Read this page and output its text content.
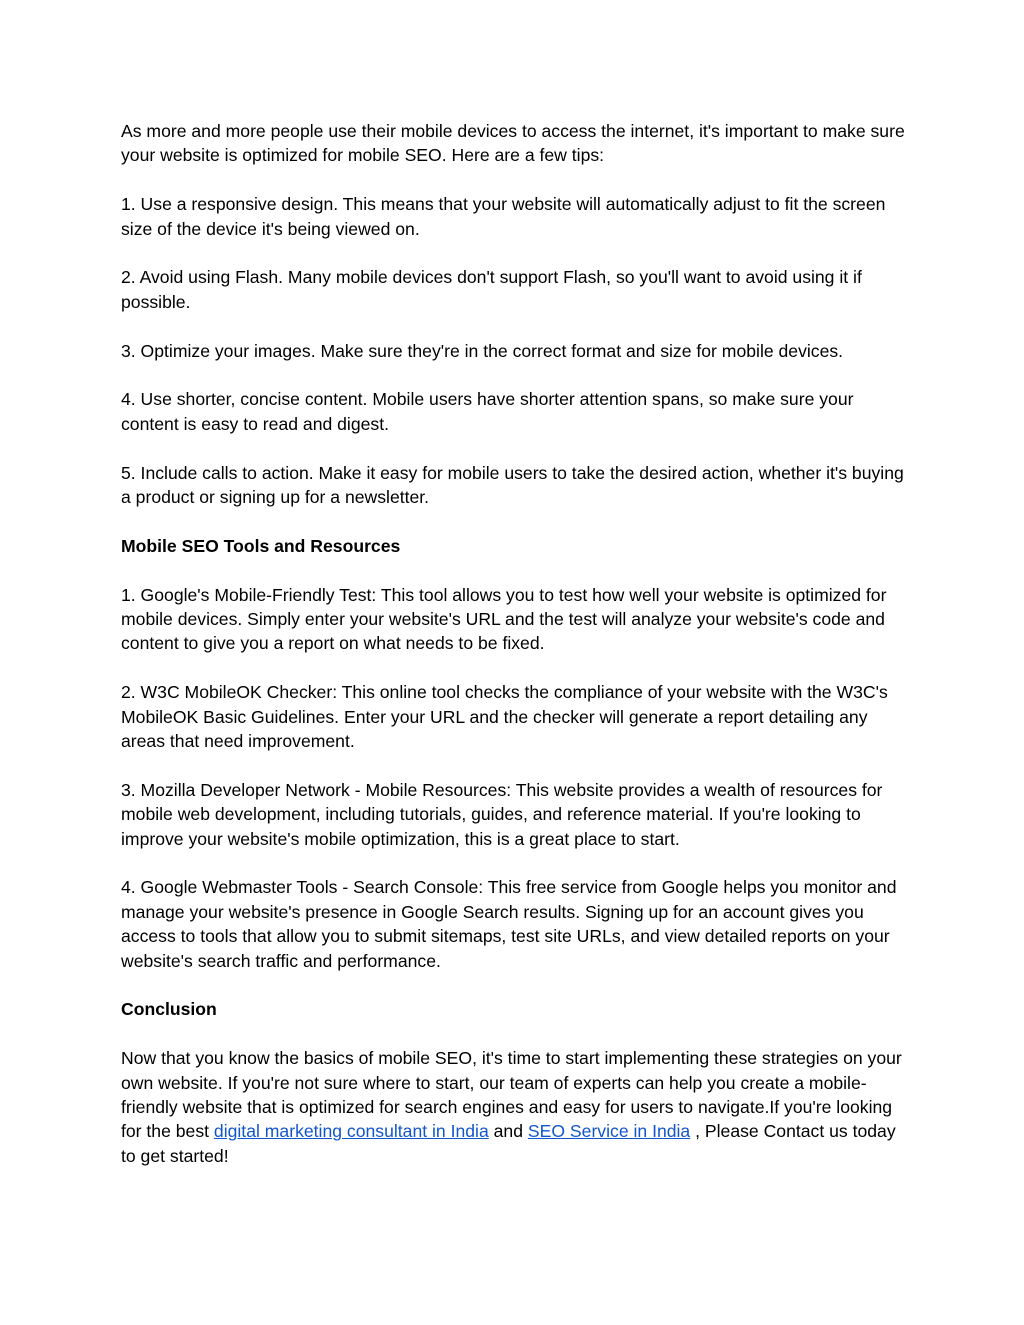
As more and more people use their mobile devices to access the internet, it's important to make sure your website is optimized for mobile SEO. Here are a few tips:

1. Use a responsive design. This means that your website will automatically adjust to fit the screen size of the device it's being viewed on.

2. Avoid using Flash. Many mobile devices don't support Flash, so you'll want to avoid using it if possible.

3. Optimize your images. Make sure they're in the correct format and size for mobile devices.

4. Use shorter, concise content. Mobile users have shorter attention spans, so make sure your content is easy to read and digest.

5. Include calls to action. Make it easy for mobile users to take the desired action, whether it's buying a product or signing up for a newsletter.

Mobile SEO Tools and Resources

1. Google's Mobile-Friendly Test: This tool allows you to test how well your website is optimized for mobile devices. Simply enter your website's URL and the test will analyze your website's code and content to give you a report on what needs to be fixed.

2. W3C MobileOK Checker: This online tool checks the compliance of your website with the W3C's MobileOK Basic Guidelines. Enter your URL and the checker will generate a report detailing any areas that need improvement.

3. Mozilla Developer Network - Mobile Resources: This website provides a wealth of resources for mobile web development, including tutorials, guides, and reference material. If you're looking to improve your website's mobile optimization, this is a great place to start.

4. Google Webmaster Tools - Search Console: This free service from Google helps you monitor and manage your website's presence in Google Search results. Signing up for an account gives you access to tools that allow you to submit sitemaps, test site URLs, and view detailed reports on your website's search traffic and performance.

Conclusion

Now that you know the basics of mobile SEO, it's time to start implementing these strategies on your own website. If you're not sure where to start, our team of experts can help you create a mobile-friendly website that is optimized for search engines and easy for users to navigate.If you're looking for the best digital marketing consultant in India and SEO Service in India , Please Contact us today to get started!
